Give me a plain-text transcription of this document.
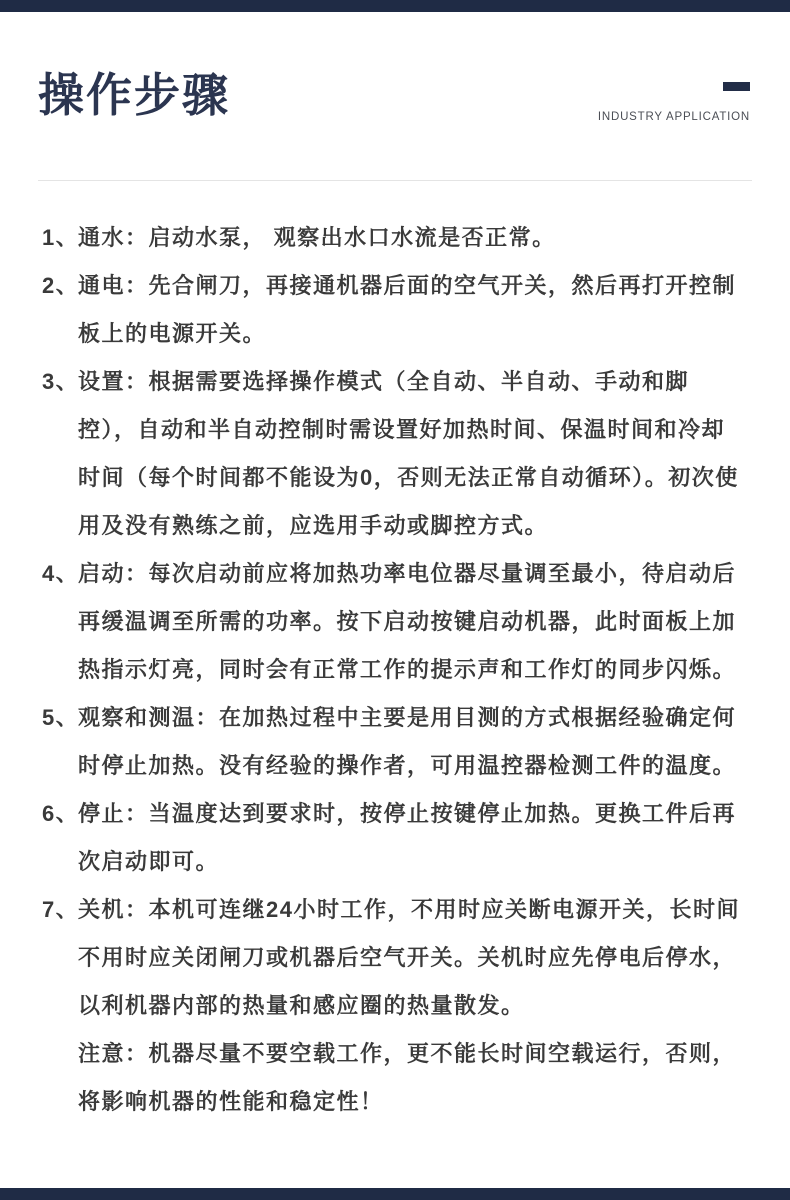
操作步骤	INDUSTRY APPLICATION
1、
通水：启动水泵， 观察出水口水流是否正常。
2、
通电：先合闸刀，再接通机器后面的空气开关，然后再打开控制板上的电源开关。
3、
设置：根据需要选择操作模式（全自动、半自动、手动和脚控），自动和半自动控制时需设置好加热时间、保温时间和冷却时间（每个时间都不能设为0，否则无法正常自动循环）。初次使用及没有熟练之前，应选用手动或脚控方式。
4、
启动：每次启动前应将加热功率电位器尽量调至最小，待启动后再缓温调至所需的功率。按下启动按键启动机器，此时面板上加热指示灯亮，同时会有正常工作的提示声和工作灯的同步闪烁。
5、
观察和测温：在加热过程中主要是用目测的方式根据经验确定何时停止加热。没有经验的操作者，可用温控器检测工件的温度。
6、
停止：当温度达到要求时，按停止按键停止加热。更换工件后再次启动即可。
7、
关机：本机可连继24小时工作，不用时应关断电源开关，长时间不用时应关闭闸刀或机器后空气开关。关机时应先停电后停水，以利机器内部的热量和感应圈的热量散发。
注意：机器尽量不要空载工作，更不能长时间空载运行，否则，将影响机器的性能和稳定性！
